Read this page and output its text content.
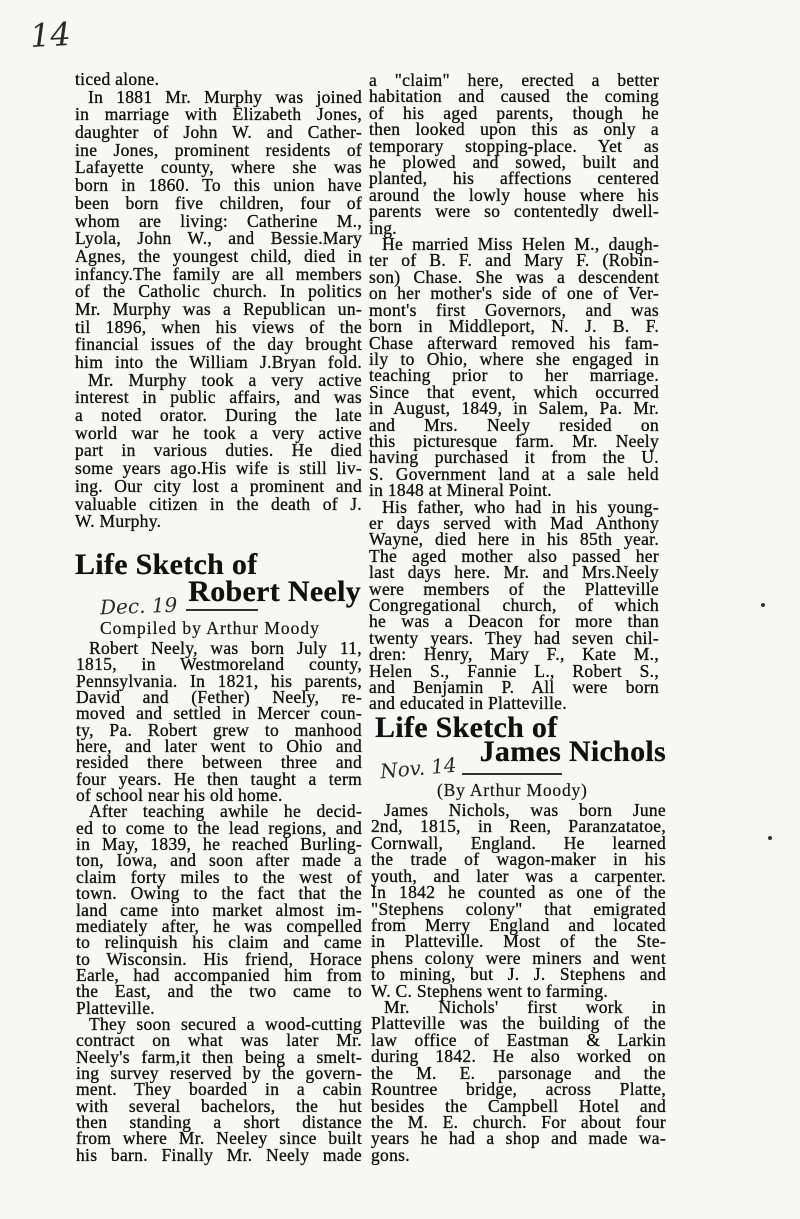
14
ticed alone.
In 1881 Mr. Murphy was joined
in marriage with Elizabeth Jones,
daughter of John W. and Cather-
ine Jones, prominent residents of
Lafayette county, where she was
born in 1860. To this union have
been born five children, four of
whom are living: Catherine M.,
Lyola, John W., and Bessie.Mary
Agnes, the youngest child, died in
infancy.The family are all members
of the Catholic church. In politics
Mr. Murphy was a Republican un-
til 1896, when his views of the
financial issues of the day brought
him into the William J.Bryan fold.
Mr. Murphy took a very active
interest in public affairs, and was
a noted orator. During the late
world war he took a very active
part in various duties. He died
some years ago.His wife is still liv-
ing. Our city lost a prominent and
valuable citizen in the death of J.
W. Murphy.
Life Sketch of
Robert Neely
Dec. 19
Compiled by Arthur Moody
Robert Neely, was born July 11,
1815, in Westmoreland county,
Pennsylvania. In 1821, his parents,
David and (Fether) Neely, re-
moved and settled in Mercer coun-
ty, Pa. Robert grew to manhood
here, and later went to Ohio and
resided there between three and
four years. He then taught a term
of school near his old home.
After teaching awhile he decid-
ed to come to the lead regions, and
in May, 1839, he reached Burling-
ton, Iowa, and soon after made a
claim forty miles to the west of
town. Owing to the fact that the
land came into market almost im-
mediately after, he was compelled
to relinquish his claim and came
to Wisconsin. His friend, Horace
Earle, had accompanied him from
the East, and the two came to
Platteville.
They soon secured a wood-cutting
contract on what was later Mr.
Neely's farm,it then being a smelt-
ing survey reserved by the govern-
ment. They boarded in a cabin
with several bachelors, the hut
then standing a short distance
from where Mr. Neeley since built
his barn. Finally Mr. Neely made
a "claim" here, erected a better
habitation and caused the coming
of his aged parents, though he
then looked upon this as only a
temporary stopping-place. Yet as
he plowed and sowed, built and
planted, his affections centered
around the lowly house where his
parents were so contentedly dwell-
ing.
He married Miss Helen M., daugh-
ter of B. F. and Mary F. (Robin-
son) Chase. She was a descendent
on her mother's side of one of Ver-
mont's first Governors, and was
born in Middleport, N. J. B. F.
Chase afterward removed his fam-
ily to Ohio, where she engaged in
teaching prior to her marriage.
Since that event, which occurred
in August, 1849, in Salem, Pa. Mr.
and Mrs. Neely resided on
this picturesque farm. Mr. Neely
having purchased it from the U.
S. Government land at a sale held
in 1848 at Mineral Point.
His father, who had in his young-
er days served with Mad Anthony
Wayne, died here in his 85th year.
The aged mother also passed her
last days here. Mr. and Mrs.Neely
were members of the Platteville
Congregational church, of which
he was a Deacon for more than
twenty years. They had seven chil-
dren: Henry, Mary F., Kate M.,
Helen S., Fannie L., Robert S.,
and Benjamin P. All were born
and educated in Platteville.
Life Sketch of
James Nichols
Nov. 14
(By Arthur Moody)
James Nichols, was born June
2nd, 1815, in Reen, Paranzatatoe,
Cornwall, England. He learned
the trade of wagon-maker in his
youth, and later was a carpenter.
In 1842 he counted as one of the
"Stephens colony" that emigrated
from Merry England and located
in Platteville. Most of the Ste-
phens colony were miners and went
to mining, but J. J. Stephens and
W. C. Stephens went to farming.
Mr. Nichols' first work in
Platteville was the building of the
law office of Eastman & Larkin
during 1842. He also worked on
the M. E. parsonage and the
Rountree bridge, across Platte,
besides the Campbell Hotel and
the M. E. church. For about four
years he had a shop and made wa-
gons.
